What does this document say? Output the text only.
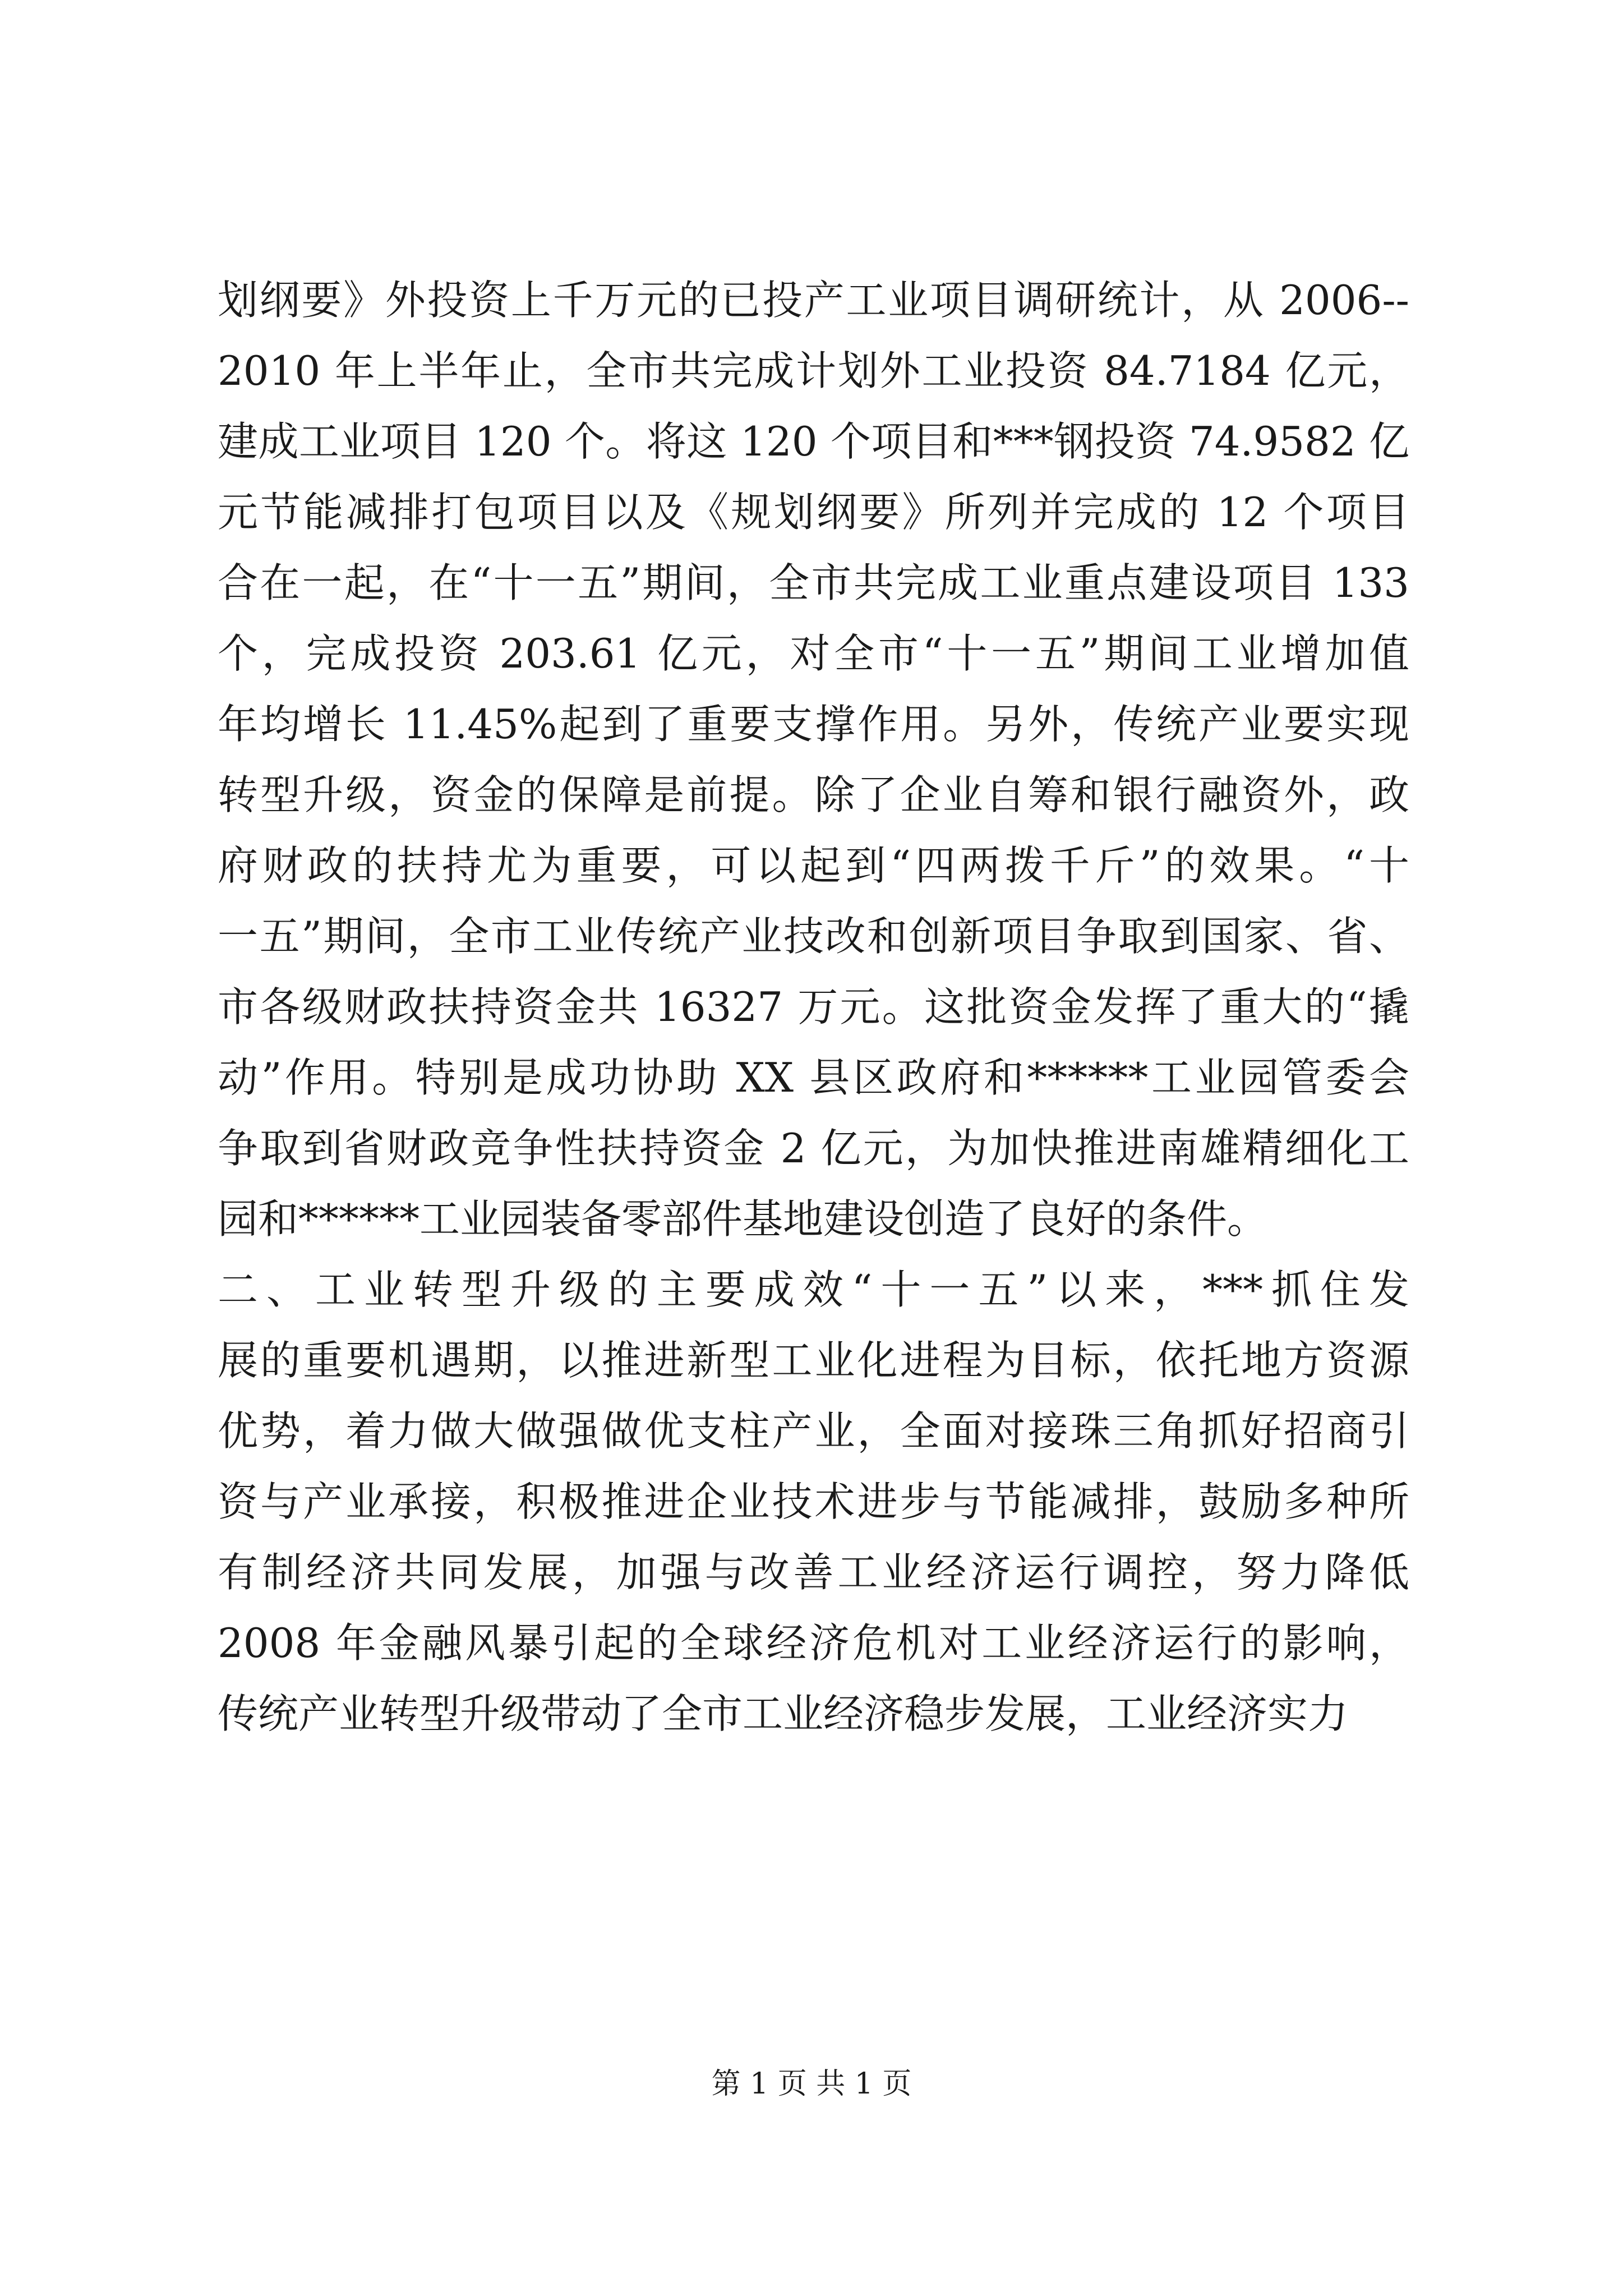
划纲要》外投资上千万元的已投产工业项目调研统计，从 2006--
2010 年上半年止，全市共完成计划外工业投资 84.7184 亿元，
建成工业项目 120 个。将这 120 个项目和***钢投资 74.9582 亿
元节能减排打包项目以及《规划纲要》所列并完成的 12 个项目
合在一起，在“十一五”期间，全市共完成工业重点建设项目 133
个，完成投资 203.61 亿元，对全市“十一五”期间工业增加值
年均增长 11.45%起到了重要支撑作用。另外，传统产业要实现
转型升级，资金的保障是前提。除了企业自筹和银行融资外，政
府财政的扶持尤为重要，可以起到“四两拨千斤”的效果。“十
一五”期间，全市工业传统产业技改和创新项目争取到国家、省、
市各级财政扶持资金共 16327 万元。这批资金发挥了重大的“撬
动”作用。特别是成功协助 XX 县区政府和******工业园管委会
争取到省财政竞争性扶持资金 2 亿元，为加快推进南雄精细化工
园和******工业园装备零部件基地建设创造了良好的条件。
二、工业转型升级的主要成效“十一五”以来，***抓住发
展的重要机遇期，以推进新型工业化进程为目标，依托地方资源
优势，着力做大做强做优支柱产业，全面对接珠三角抓好招商引
资与产业承接，积极推进企业技术进步与节能减排，鼓励多种所
有制经济共同发展，加强与改善工业经济运行调控，努力降低
2008 年金融风暴引起的全球经济危机对工业经济运行的影响，
传统产业转型升级带动了全市工业经济稳步发展，工业经济实力
第 1 页 共 1 页
